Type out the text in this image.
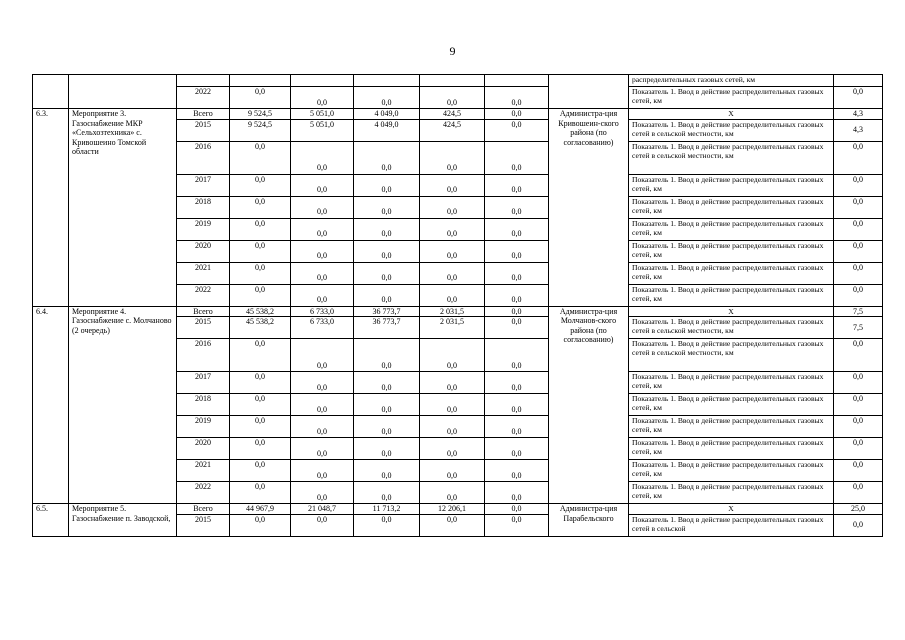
9
									распределительных газовых сетей, км	
		2022	0,0	0,0	0,0	0,0	0,0		Показатель 1. Ввод в действие распределительных газовых сетей, км	0,0
6.3.	Мероприятие 3. Газоснабжение МКР «Сельхозтехника» с. Кривошеино Томской области	Всего	9 524,5	5 051,0	4 049,0	424,5	0,0	Администра-ция Кривошеин-ского района (по согласованию)	X	4,3
		2015	9 524,5	5 051,0	4 049,0	424,5	0,0		Показатель 1. Ввод в действие распределительных газовых сетей в сельской местности, км	4,3
		2016	0,0	0,0	0,0	0,0	0,0		Показатель 1. Ввод в действие распределительных газовых сетей в сельской местности, км	0,0
		2017	0,0	0,0	0,0	0,0	0,0		Показатель 1. Ввод в действие распределительных газовых сетей, км	0,0
		2018	0,0	0,0	0,0	0,0	0,0		Показатель 1. Ввод в действие распределительных газовых сетей, км	0,0
		2019	0,0	0,0	0,0	0,0	0,0		Показатель 1. Ввод в действие распределительных газовых сетей, км	0,0
		2020	0,0	0,0	0,0	0,0	0,0		Показатель 1. Ввод в действие распределительных газовых сетей, км	0,0
		2021	0,0	0,0	0,0	0,0	0,0		Показатель 1. Ввод в действие распределительных газовых сетей, км	0,0
		2022	0,0	0,0	0,0	0,0	0,0		Показатель 1. Ввод в действие распределительных газовых сетей, км	0,0
6.4.	Мероприятие 4. Газоснабжение с. Молчаново (2 очередь)	Всего	45 538,2	6 733,0	36 773,7	2 031,5	0,0	Администра-ция Молчанов-ского района (по согласованию)	X	7,5
		2015	45 538,2	6 733,0	36 773,7	2 031,5	0,0		Показатель 1. Ввод в действие распределительных газовых сетей в сельской местности, км	7,5
		2016	0,0	0,0	0,0	0,0	0,0		Показатель 1. Ввод в действие распределительных газовых сетей в сельской местности, км	0,0
		2017	0,0	0,0	0,0	0,0	0,0		Показатель 1. Ввод в действие распределительных газовых сетей, км	0,0
		2018	0,0	0,0	0,0	0,0	0,0		Показатель 1. Ввод в действие распределительных газовых сетей, км	0,0
		2019	0,0	0,0	0,0	0,0	0,0		Показатель 1. Ввод в действие распределительных газовых сетей, км	0,0
		2020	0,0	0,0	0,0	0,0	0,0		Показатель 1. Ввод в действие распределительных газовых сетей, км	0,0
		2021	0,0	0,0	0,0	0,0	0,0		Показатель 1. Ввод в действие распределительных газовых сетей, км	0,0
		2022	0,0	0,0	0,0	0,0	0,0		Показатель 1. Ввод в действие распределительных газовых сетей, км	0,0
6.5.	Мероприятие 5. Газоснабжение п. Заводской,	Всего	44 967,9	21 048,7	11 713,2	12 206,1	0,0	Администра-ция Парабельского	X	25,0
		2015	0,0	0,0	0,0	0,0	0,0		Показатель 1. Ввод в действие распределительных газовых сетей в сельской	0,0
